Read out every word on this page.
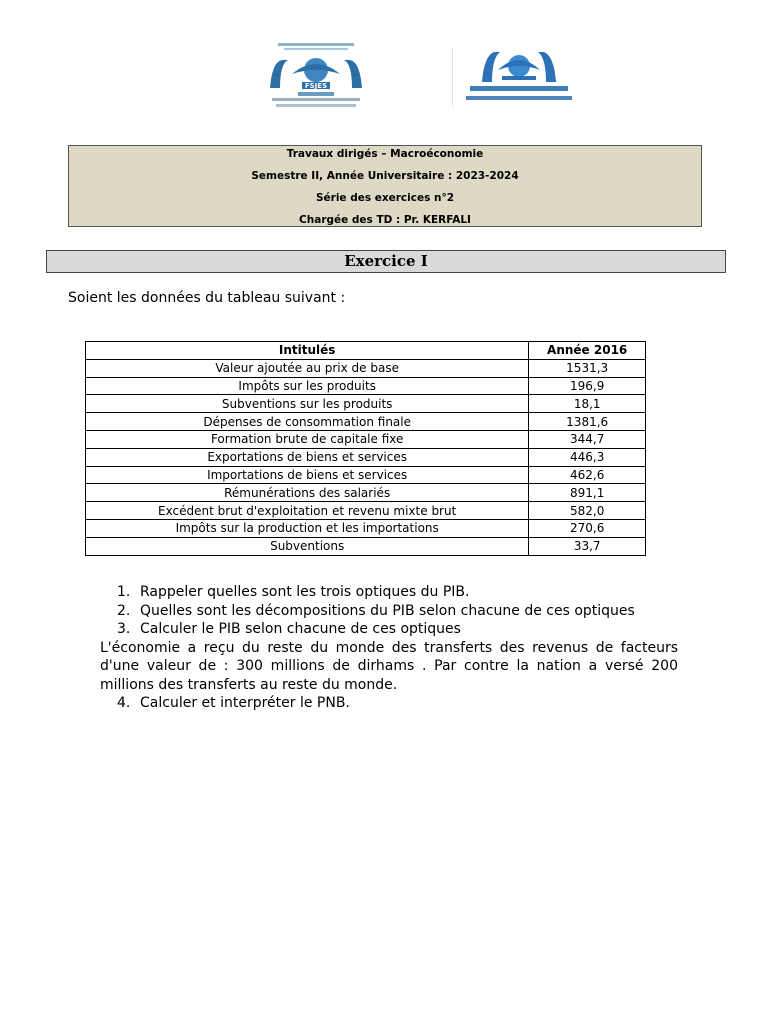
FSJES
Travaux dirigés – Macroéconomie
Semestre II, Année Universitaire : 2023-2024
Série des exercices n°2
Chargée des TD : Pr. KERFALI
Exercice I
Soient les données du tableau suivant :
Intitulés	Année 2016
Valeur ajoutée au prix de base	1531,3
Impôts sur les produits	196,9
Subventions sur les produits	18,1
Dépenses de consommation finale	1381,6
Formation brute de capitale fixe	344,7
Exportations de biens et services	446,3
Importations de biens et services	462,6
Rémunérations des salariés	891,1
Excédent brut d'exploitation et revenu mixte brut	582,0
Impôts sur la production et les importations	270,6
Subventions	33,7
1. Rappeler quelles sont les trois optiques du PIB.
2. Quelles sont les décompositions du PIB selon chacune de ces optiques
3. Calculer le PIB selon chacune de ces optiques
L'économie a reçu du reste du monde des transferts des revenus de facteurs d'une valeur de : 300 millions de dirhams . Par contre la nation a versé 200 millions des transferts au reste du monde.
4. Calculer et interpréter le PNB.
